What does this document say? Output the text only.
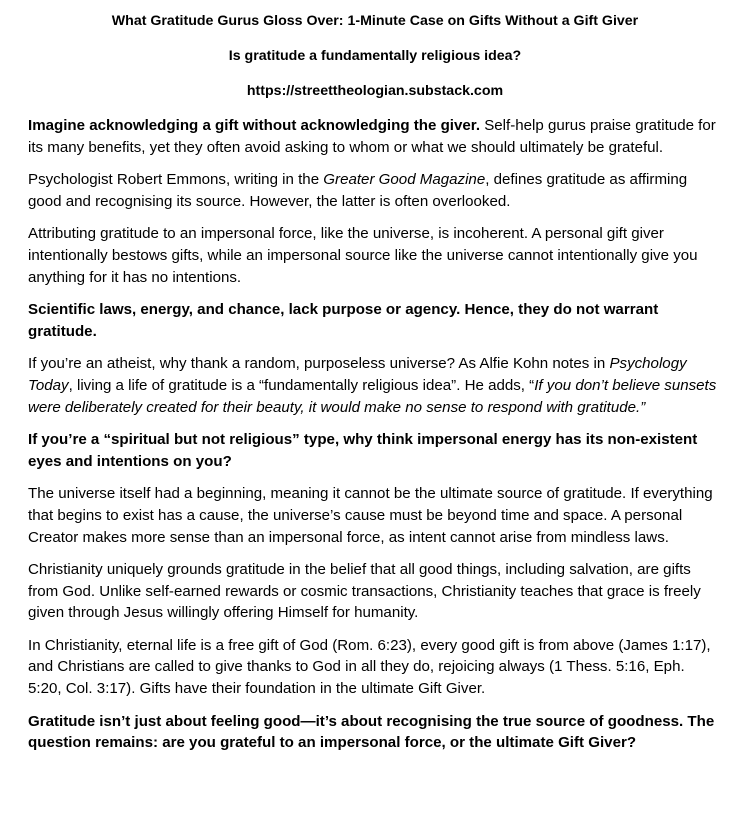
What Gratitude Gurus Gloss Over: 1-Minute Case on Gifts Without a Gift Giver
Is gratitude a fundamentally religious idea?
https://streettheologian.substack.com

Imagine acknowledging a gift without acknowledging the giver. Self-help gurus praise gratitude for its many benefits, yet they often avoid asking to whom or what we should ultimately be grateful.

Psychologist Robert Emmons, writing in the Greater Good Magazine, defines gratitude as affirming good and recognising its source. However, the latter is often overlooked.

Attributing gratitude to an impersonal force, like the universe, is incoherent. A personal gift giver intentionally bestows gifts, while an impersonal source like the universe cannot intentionally give you anything for it has no intentions.

Scientific laws, energy, and chance, lack purpose or agency. Hence, they do not warrant gratitude.

If you’re an atheist, why thank a random, purposeless universe? As Alfie Kohn notes in Psychology Today, living a life of gratitude is a “fundamentally religious idea”. He adds, “If you don’t believe sunsets were deliberately created for their beauty, it would make no sense to respond with gratitude.”

If you’re a “spiritual but not religious” type, why think impersonal energy has its non-existent eyes and intentions on you?

The universe itself had a beginning, meaning it cannot be the ultimate source of gratitude. If everything that begins to exist has a cause, the universe’s cause must be beyond time and space. A personal Creator makes more sense than an impersonal force, as intent cannot arise from mindless laws.

Christianity uniquely grounds gratitude in the belief that all good things, including salvation, are gifts from God. Unlike self-earned rewards or cosmic transactions, Christianity teaches that grace is freely given through Jesus willingly offering Himself for humanity.

In Christianity, eternal life is a free gift of God (Rom. 6:23), every good gift is from above (James 1:17), and Christians are called to give thanks to God in all they do, rejoicing always (1 Thess. 5:16, Eph. 5:20, Col. 3:17). Gifts have their foundation in the ultimate Gift Giver.

Gratitude isn’t just about feeling good—it’s about recognising the true source of goodness. The question remains: are you grateful to an impersonal force, or the ultimate Gift Giver?
